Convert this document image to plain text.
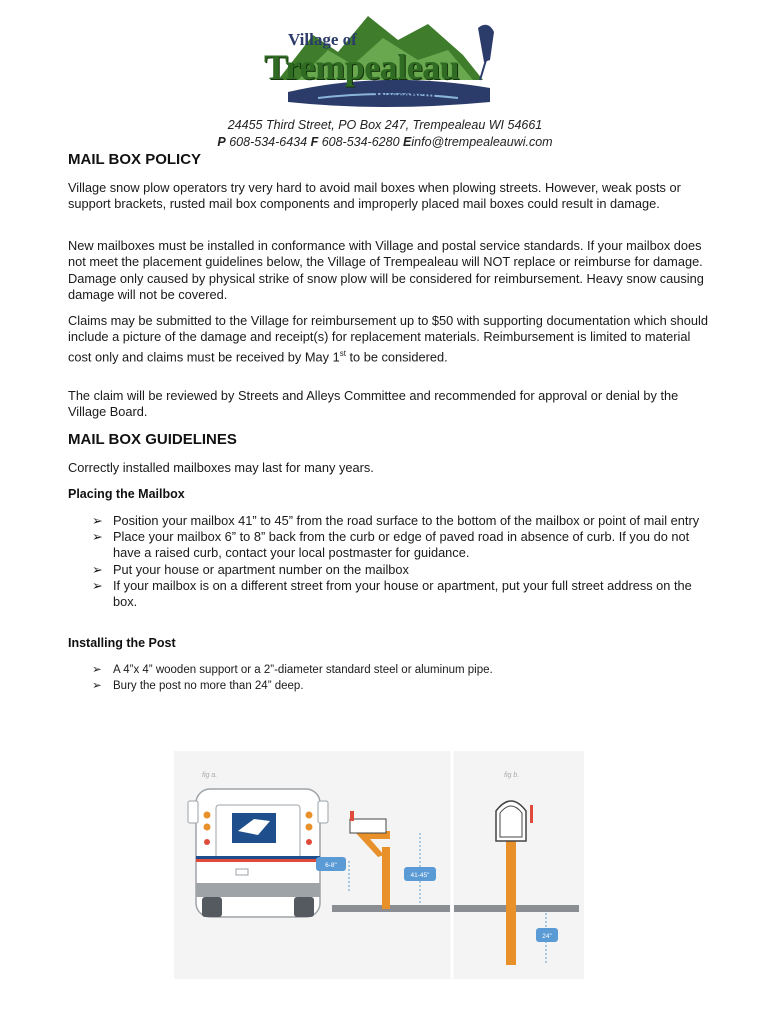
Village of
Trempealeau
Wisconsin
24455 Third Street, PO Box 247, Trempealeau WI 54661
P 608-534-6434 F 608-534-6280 Einfo@trempealeauwi.com
MAIL BOX POLICY

Village snow plow operators try very hard to avoid mail boxes when plowing streets. However, weak posts or support brackets, rusted mail box components and improperly placed mail boxes could result in damage.

New mailboxes must be installed in conformance with Village and postal service standards. If your mailbox does not meet the placement guidelines below, the Village of Trempealeau will NOT replace or reimburse for damage. Damage only caused by physical strike of snow plow will be considered for reimbursement. Heavy snow causing damage will not be covered.

Claims may be submitted to the Village for reimbursement up to $50 with supporting documentation which should include a picture of the damage and receipt(s) for replacement materials. Reimbursement is limited to material cost only and claims must be received by May 1st to be considered.

The claim will be reviewed by Streets and Alleys Committee and recommended for approval or denial by the Village Board.

MAIL BOX GUIDELINES

Correctly installed mailboxes may last for many years.

Placing the Mailbox
➢ Position your mailbox 41” to 45” from the road surface to the bottom of the mailbox or point of mail entry
➢ Place your mailbox 6” to 8” back from the curb or edge of paved road in absence of curb. If you do not have a raised curb, contact your local postmaster for guidance.
➢ Put your house or apartment number on the mailbox
➢ If your mailbox is on a different street from your house or apartment, put your full street address on the box.
Installing the Post
➢ A 4”x 4” wooden support or a 2”-diameter standard steel or aluminum pipe.
➢ Bury the post no more than 24” deep.
fig a.	fig b.
6-8"
41-45"
24"
